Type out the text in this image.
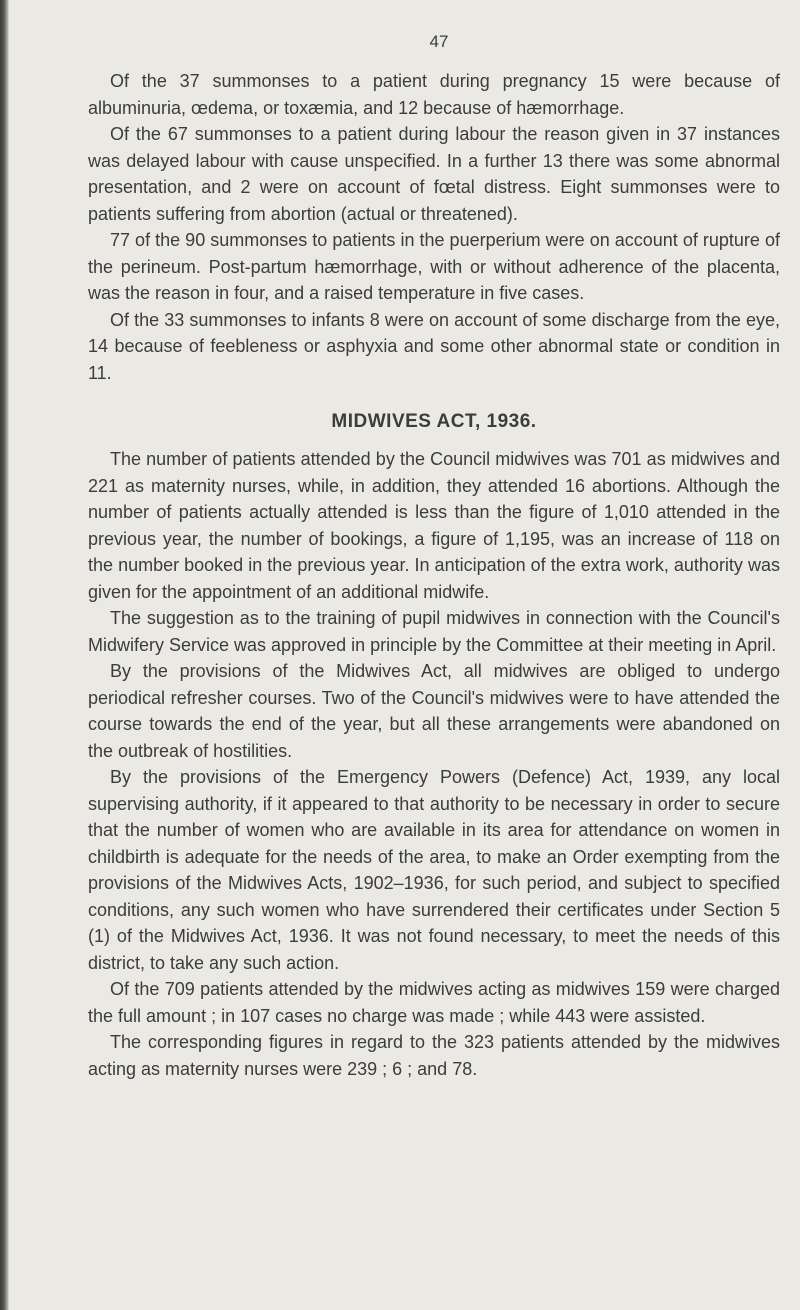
47

Of the 37 summonses to a patient during pregnancy 15 were because of albuminuria, œdema, or toxæmia, and 12 because of hæmorrhage.

Of the 67 summonses to a patient during labour the reason given in 37 instances was delayed labour with cause unspecified. In a further 13 there was some abnormal presentation, and 2 were on account of fœtal distress. Eight summonses were to patients suffering from abortion (actual or threatened).

77 of the 90 summonses to patients in the puerperium were on account of rupture of the perineum. Post-partum hæmorrhage, with or without adherence of the placenta, was the reason in four, and a raised temperature in five cases.

Of the 33 summonses to infants 8 were on account of some discharge from the eye, 14 because of feebleness or asphyxia and some other abnormal state or condition in 11.

MIDWIVES ACT, 1936.

The number of patients attended by the Council midwives was 701 as midwives and 221 as maternity nurses, while, in addition, they attended 16 abortions. Although the number of patients actually attended is less than the figure of 1,010 attended in the previous year, the number of bookings, a figure of 1,195, was an increase of 118 on the number booked in the previous year. In anticipation of the extra work, authority was given for the appointment of an additional midwife.

The suggestion as to the training of pupil midwives in connection with the Council's Midwifery Service was approved in principle by the Committee at their meeting in April.

By the provisions of the Midwives Act, all midwives are obliged to undergo periodical refresher courses. Two of the Council's midwives were to have attended the course towards the end of the year, but all these arrangements were abandoned on the outbreak of hostilities.

By the provisions of the Emergency Powers (Defence) Act, 1939, any local supervising authority, if it appeared to that authority to be necessary in order to secure that the number of women who are available in its area for attendance on women in childbirth is adequate for the needs of the area, to make an Order exempting from the provisions of the Midwives Acts, 1902–1936, for such period, and subject to specified conditions, any such women who have surrendered their certificates under Section 5 (1) of the Midwives Act, 1936. It was not found necessary, to meet the needs of this district, to take any such action.

Of the 709 patients attended by the midwives acting as midwives 159 were charged the full amount ; in 107 cases no charge was made ; while 443 were assisted.

The corresponding figures in regard to the 323 patients attended by the midwives acting as maternity nurses were 239 ; 6 ; and 78.
